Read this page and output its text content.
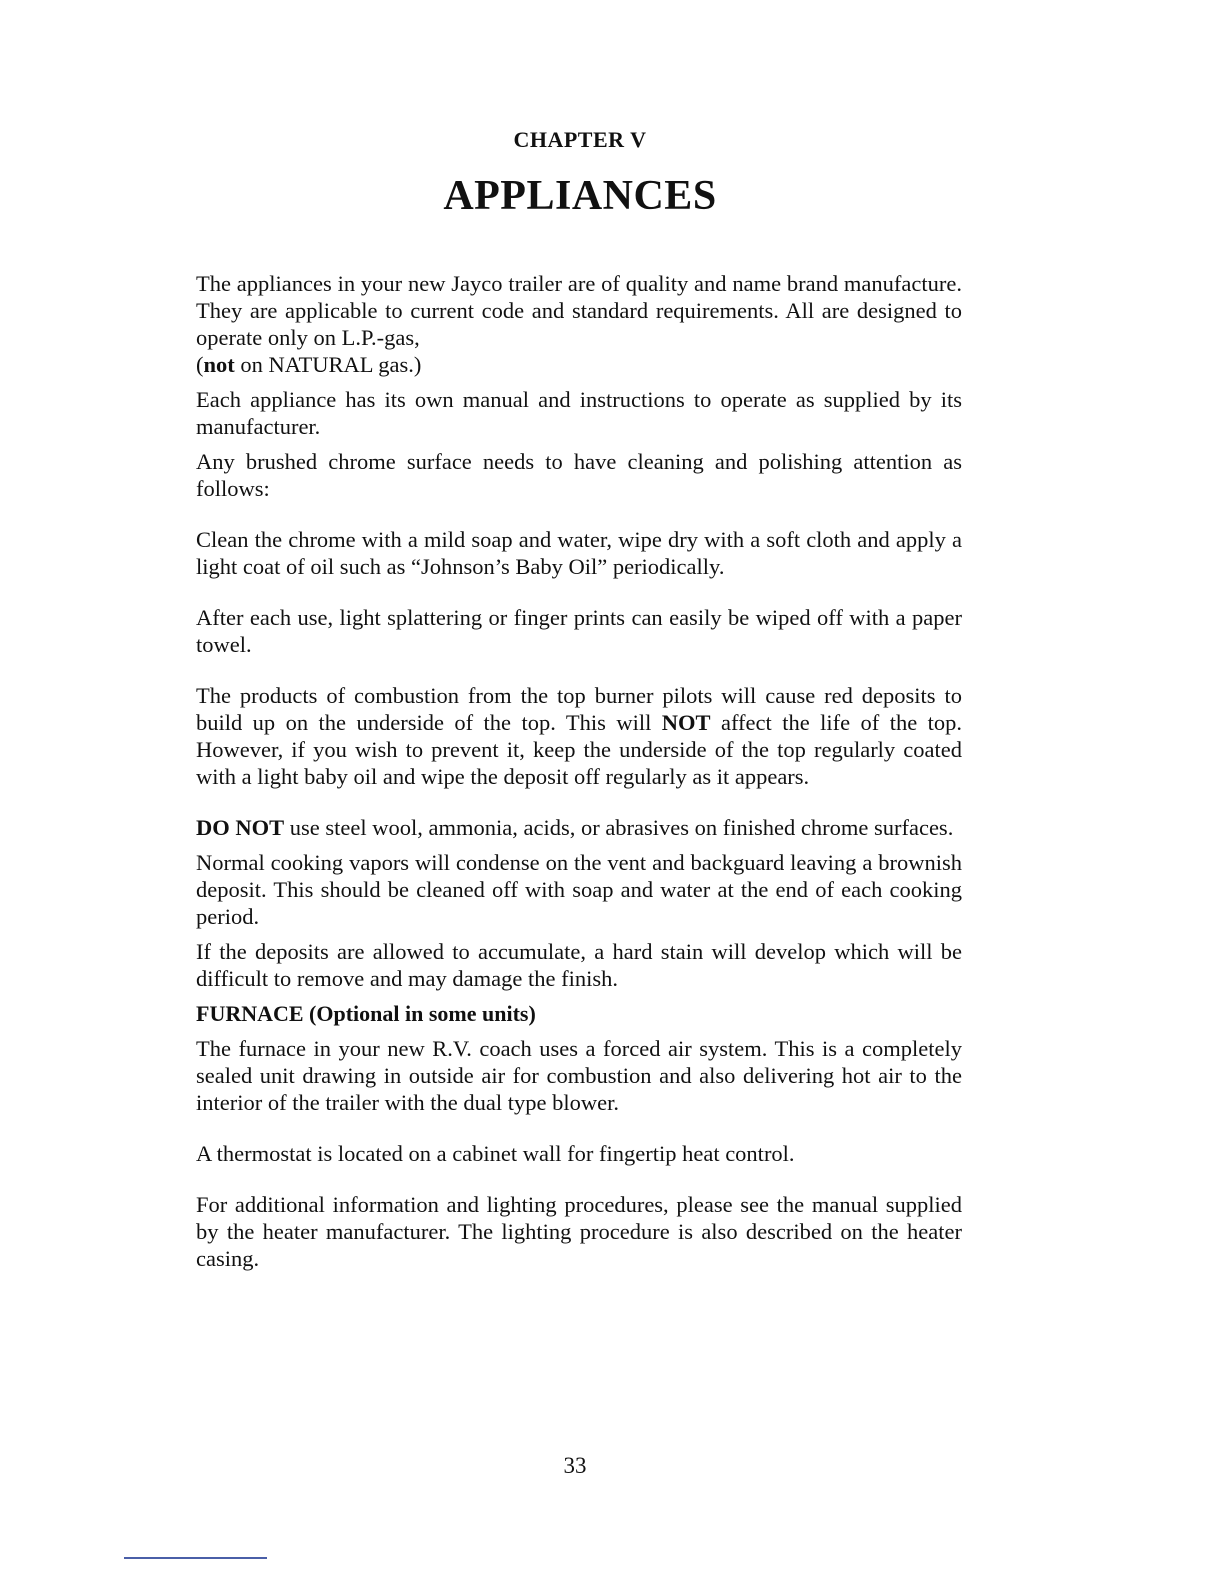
CHAPTER V
APPLIANCES

The appliances in your new Jayco trailer are of quality and name brand manufacture. They are applicable to current code and standard requirements. All are designed to operate only on L.P.-gas,
(not on NATURAL gas.)

Each appliance has its own manual and instructions to operate as supplied by its manufacturer.

Any brushed chrome surface needs to have cleaning and polishing attention as follows:

Clean the chrome with a mild soap and water, wipe dry with a soft cloth and apply a light coat of oil such as “Johnson’s Baby Oil” periodically.

After each use, light splattering or finger prints can easily be wiped off with a paper towel.

The products of combustion from the top burner pilots will cause red deposits to build up on the underside of the top. This will NOT affect the life of the top. However, if you wish to prevent it, keep the underside of the top regularly coated with a light baby oil and wipe the deposit off regularly as it appears.

DO NOT use steel wool, ammonia, acids, or abrasives on finished chrome surfaces.

Normal cooking vapors will condense on the vent and backguard leaving a brownish deposit. This should be cleaned off with soap and water at the end of each cooking period.

If the deposits are allowed to accumulate, a hard stain will develop which will be difficult to remove and may damage the finish.

FURNACE (Optional in some units)

The furnace in your new R.V. coach uses a forced air system. This is a completely sealed unit drawing in outside air for combustion and also delivering hot air to the interior of the trailer with the dual type blower.

A thermostat is located on a cabinet wall for fingertip heat control.

For additional information and lighting procedures, please see the manual supplied by the heater manufacturer. The lighting procedure is also described on the heater casing.

33
